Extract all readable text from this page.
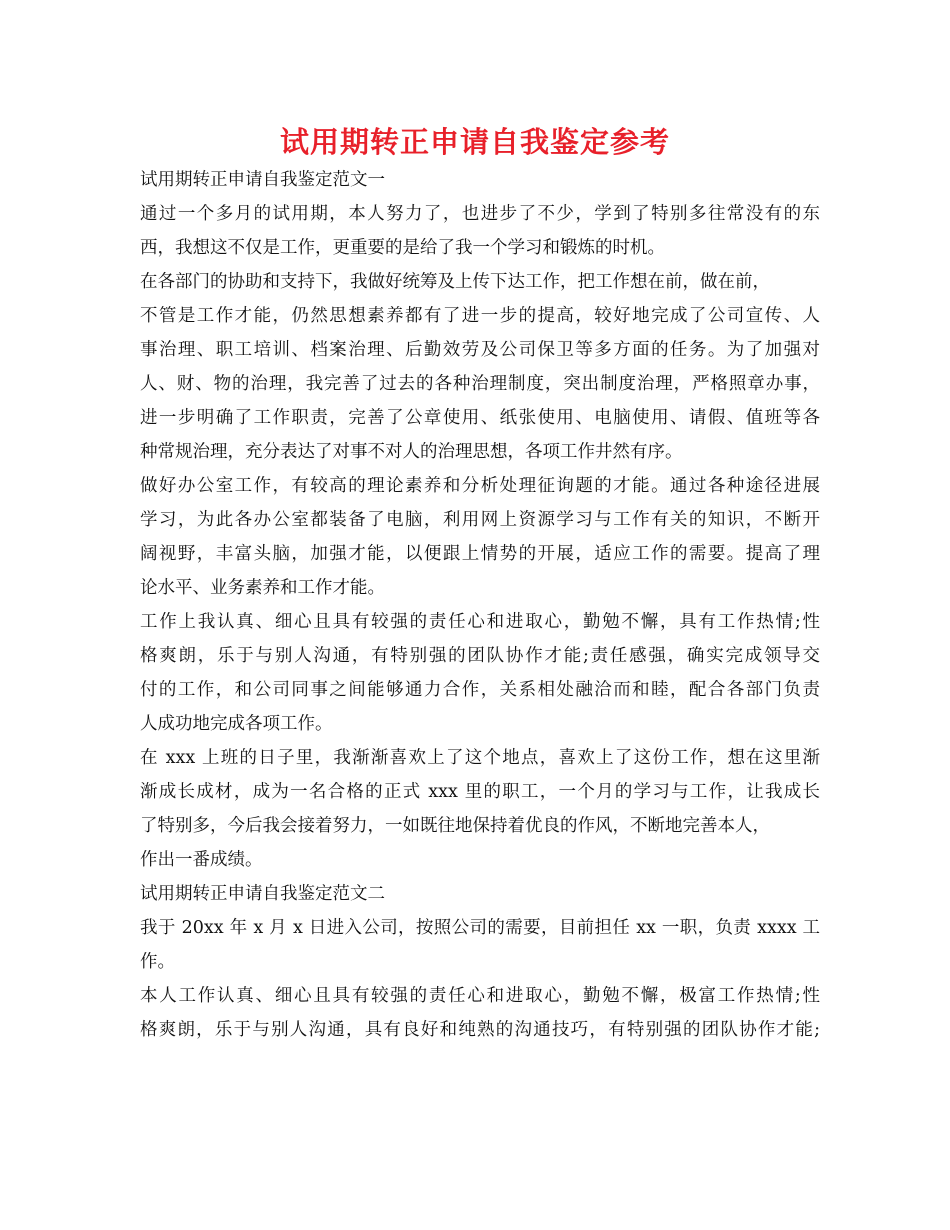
试用期转正申请自我鉴定参考
试用期转正申请自我鉴定范文一
通过一个多月的试用期，本人努力了，也进步了不少，学到了特别多往常没有的东
西，我想这不仅是工作，更重要的是给了我一个学习和锻炼的时机。
在各部门的协助和支持下，我做好统筹及上传下达工作，把工作想在前，做在前，
不管是工作才能，仍然思想素养都有了进一步的提高，较好地完成了公司宣传、人
事治理、职工培训、档案治理、后勤效劳及公司保卫等多方面的任务。为了加强对
人、财、物的治理，我完善了过去的各种治理制度，突出制度治理，严格照章办事，
进一步明确了工作职责，完善了公章使用、纸张使用、电脑使用、请假、值班等各
种常规治理，充分表达了对事不对人的治理思想，各项工作井然有序。
做好办公室工作，有较高的理论素养和分析处理征询题的才能。通过各种途径进展
学习，为此各办公室都装备了电脑，利用网上资源学习与工作有关的知识，不断开
阔视野，丰富头脑，加强才能，以便跟上情势的开展，适应工作的需要。提高了理
论水平、业务素养和工作才能。
工作上我认真、细心且具有较强的责任心和进取心，勤勉不懈，具有工作热情;性
格爽朗，乐于与别人沟通，有特别强的团队协作才能;责任感强，确实完成领导交
付的工作，和公司同事之间能够通力合作，关系相处融洽而和睦，配合各部门负责
人成功地完成各项工作。
在 xxx 上班的日子里，我渐渐喜欢上了这个地点，喜欢上了这份工作，想在这里渐
渐成长成材，成为一名合格的正式 xxx 里的职工，一个月的学习与工作，让我成长
了特别多，今后我会接着努力，一如既往地保持着优良的作风，不断地完善本人，
作出一番成绩。
试用期转正申请自我鉴定范文二
我于 20xx 年 x 月 x 日进入公司，按照公司的需要，目前担任 xx 一职，负责 xxxx 工
作。
本人工作认真、细心且具有较强的责任心和进取心，勤勉不懈，极富工作热情;性
格爽朗，乐于与别人沟通，具有良好和纯熟的沟通技巧，有特别强的团队协作才能;
